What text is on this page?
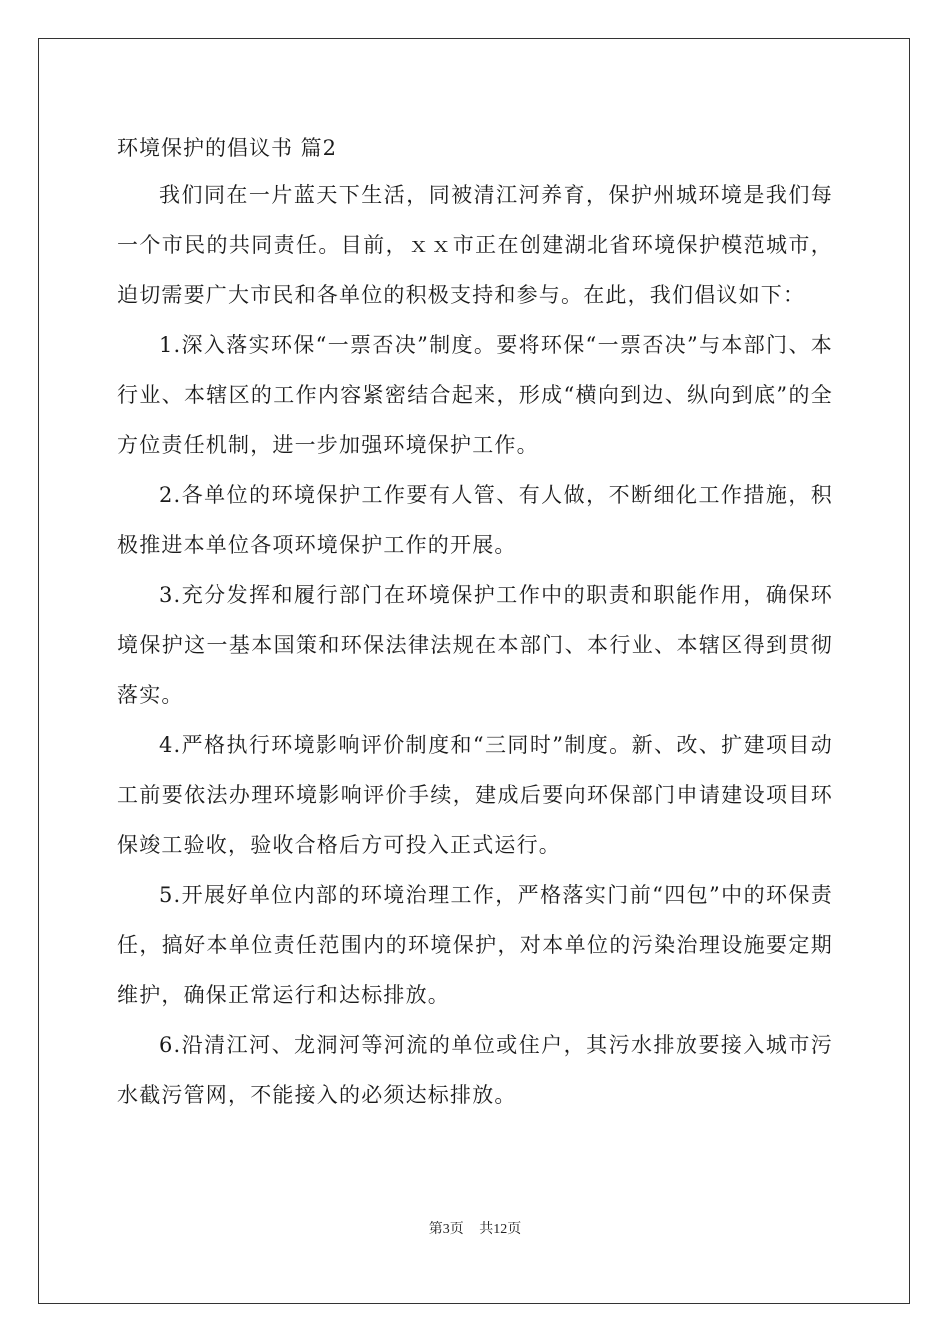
环境保护的倡议书 篇2

我们同在一片蓝天下生活，同被清江河养育，保护州城环境是我们每一个市民的共同责任。目前，ｘｘ市正在创建湖北省环境保护模范城市，迫切需要广大市民和各单位的积极支持和参与。在此，我们倡议如下：

1.深入落实环保“一票否决”制度。要将环保“一票否决”与本部门、本行业、本辖区的工作内容紧密结合起来，形成“横向到边、纵向到底”的全方位责任机制，进一步加强环境保护工作。

2.各单位的环境保护工作要有人管、有人做，不断细化工作措施，积极推进本单位各项环境保护工作的开展。

3.充分发挥和履行部门在环境保护工作中的职责和职能作用，确保环境保护这一基本国策和环保法律法规在本部门、本行业、本辖区得到贯彻落实。

4.严格执行环境影响评价制度和“三同时”制度。新、改、扩建项目动工前要依法办理环境影响评价手续，建成后要向环保部门申请建设项目环保竣工验收，验收合格后方可投入正式运行。

5.开展好单位内部的环境治理工作，严格落实门前“四包”中的环保责任，搞好本单位责任范围内的环境保护，对本单位的污染治理设施要定期维护，确保正常运行和达标排放。

6.沿清江河、龙洞河等河流的单位或住户，其污水排放要接入城市污水截污管网，不能接入的必须达标排放。

第3页 共12页
